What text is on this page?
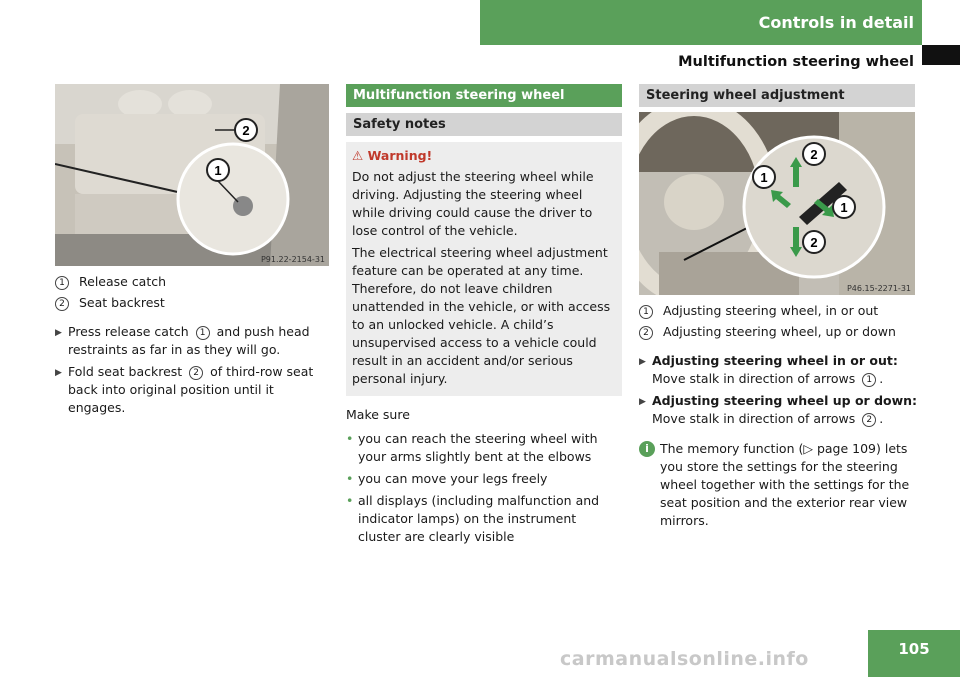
Controls in detail
Multifunction steering wheel
1
2
P91.22-2154-31
1	Release catch
2	Seat backrest
▶ Press release catch 1 and push head restraints as far in as they will go.
▶ Fold seat backrest 2 of third-row seat back into original position until it engages.
Multifunction steering wheel
Safety notes
⚠ Warning!

Do not adjust the steering wheel while driving. Adjusting the steering wheel while driving could cause the driver to lose control of the vehicle.

The electrical steering wheel adjustment feature can be operated at any time. Therefore, do not leave children unattended in the vehicle, or with access to an unlocked vehicle. A child’s unsupervised access to a vehicle could result in an accident and/or serious personal injury.

Make sure
• you can reach the steering wheel with your arms slightly bent at the elbows
• you can move your legs freely
• all displays (including malfunction and indicator lamps) on the instrument cluster are clearly visible
Steering wheel adjustment
2
2
1
1
P46.15-2271-31
1	Adjusting steering wheel, in or out
2	Adjusting steering wheel, up or down
▶ Adjusting steering wheel in or out: Move stalk in direction of arrows 1 .
▶ Adjusting steering wheel up or down: Move stalk in direction of arrows 2 .
i The memory function (▷ page 109) lets you store the settings for the steering wheel together with the settings for the seat position and the exterior rear view mirrors.
105
carmanualsonline.info
